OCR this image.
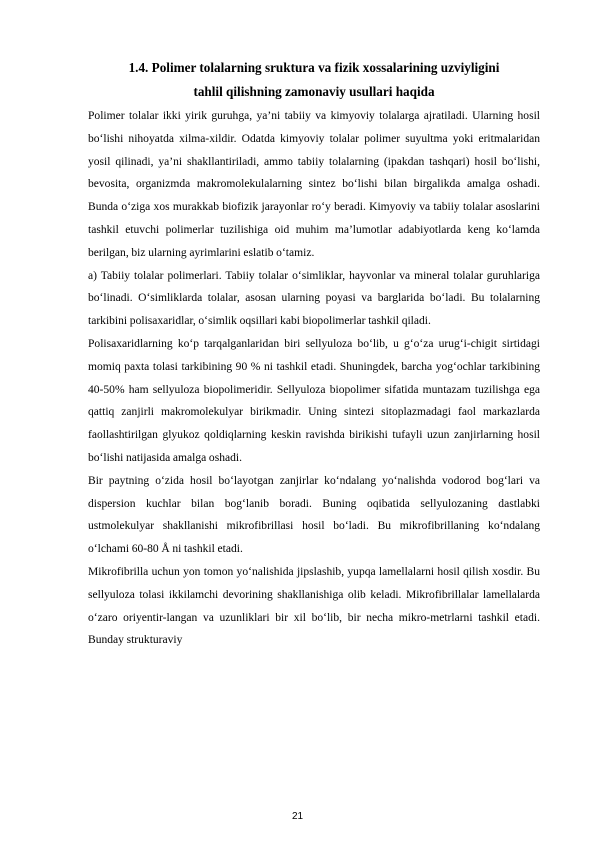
1.4. Polimer tolalarning sruktura va fizik xossalarining uzviyligini
tahlil qilishning zamonaviy usullari haqida

Polimer tolalar ikki yirik guruhga, ya’ni tabiiy va kimyoviy tolalarga ajratiladi. Ularning hosil bo‘lishi nihoyatda xilma-xildir. Odatda kimyoviy tolalar polimer suyultma yoki eritmalaridan yosil qilinadi, ya’ni shakllantiriladi, ammo tabiiy tolalarning (ipakdan tashqari) hosil bo‘lishi, bevosita, organizmda makromolekulalarning sintez bo‘lishi bilan birgalikda amalga oshadi. Bunda o‘ziga xos murakkab biofizik jarayonlar ro‘y beradi. Kimyoviy va tabiiy tolalar asoslarini tashkil etuvchi polimerlar tuzilishiga oid muhim ma’lumotlar adabiyotlarda keng ko‘lamda berilgan, biz ularning ayrimlarini eslatib o‘tamiz.

a) Tabiiy tolalar polimerlari. Tabiiy tolalar o‘simliklar, hayvonlar va mineral tolalar guruhlariga bo‘linadi. O‘simliklarda tolalar, asosan ularning poyasi va barglarida bo‘ladi. Bu tolalarning tarkibini polisaxaridlar, o‘simlik oqsillari kabi biopolimerlar tashkil qiladi.

Polisaxaridlarning ko‘p tarqalganlaridan biri sellyuloza bo‘lib, u g‘o‘za urug‘i-chigit sirtidagi momiq paxta tolasi tarkibining 90 % ni tashkil etadi. Shuningdek, barcha yog‘ochlar tarkibining 40-50% ham sellyuloza biopolimeridir. Sellyuloza biopolimer sifatida muntazam tuzilishga ega qattiq zanjirli makromolekulyar birikmadir. Uning sintezi sitoplazmadagi faol markazlarda faollashtirilgan glyukoz qoldiqlarning keskin ravishda birikishi tufayli uzun zanjirlarning hosil bo‘lishi natijasida amalga oshadi.

Bir paytning o‘zida hosil bo‘layotgan zanjirlar ko‘ndalang yo‘nalishda vodorod bog‘lari va dispersion kuchlar bilan bog‘lanib boradi. Buning oqibatida sellyulozaning dastlabki ustmolekulyar shakllanishi mikrofibrillasi hosil bo‘ladi. Bu mikrofibrillaning ko‘ndalang o‘lchami 60-80 Å ni tashkil etadi.

Mikrofibrilla uchun yon tomon yo‘nalishida jipslashib, yupqa lamellalarni hosil qilish xosdir. Bu sellyuloza tolasi ikkilamchi devorining shakllanishiga olib keladi. Mikrofibrillalar lamellalarda o‘zaro oriyentir-langan va uzunliklari bir xil bo‘lib, bir necha mikro-metrlarni tashkil etadi. Bunday strukturaviy

21
